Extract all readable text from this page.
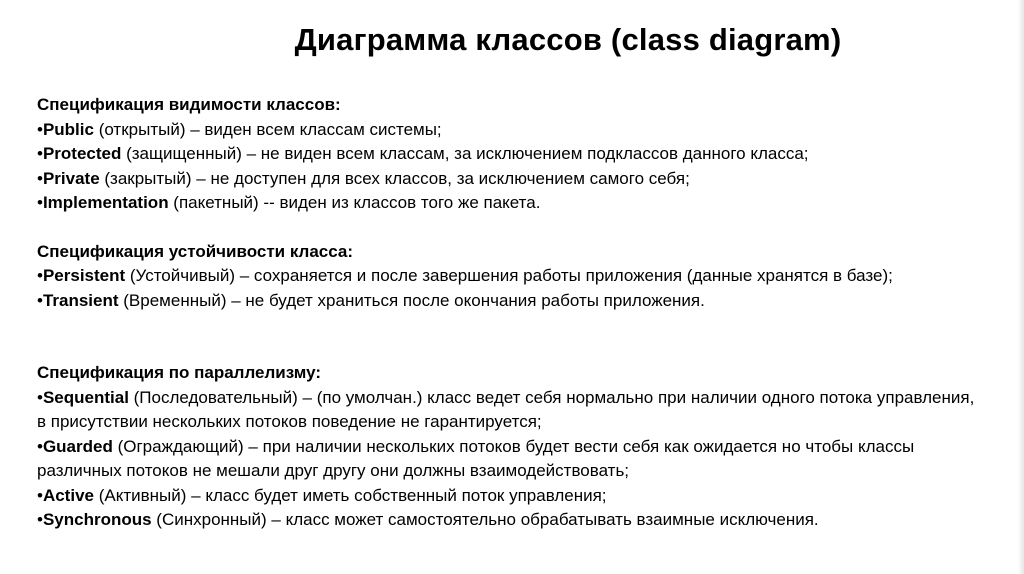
Диаграмма классов (class diagram)

Спецификация видимости классов:

•Public (открытый) – виден всем классам системы;

•Protected (защищенный) – не виден всем классам, за исключением подклассов данного класса;

•Private (закрытый) – не доступен для всех классов, за исключением самого себя;

•Implementation (пакетный) -- виден из классов того же пакета.

Спецификация устойчивости класса:

•Persistent (Устойчивый) – сохраняется и после завершения работы приложения (данные хранятся в базе);

•Transient (Временный) – не будет храниться после окончания работы приложения.

Спецификация по параллелизму:

•Sequential (Последовательный) – (по умолчан.) класс ведет себя нормально при наличии одного потока управления, в присутствии нескольких потоков поведение не гарантируется;

•Guarded (Ограждающий) – при наличии нескольких потоков будет вести себя как ожидается но чтобы классы различных потоков не мешали друг другу они должны взаимодействовать;

•Active (Активный) – класс будет иметь собственный поток управления;

•Synchronous (Синхронный) – класс может самостоятельно обрабатывать взаимные исключения.
